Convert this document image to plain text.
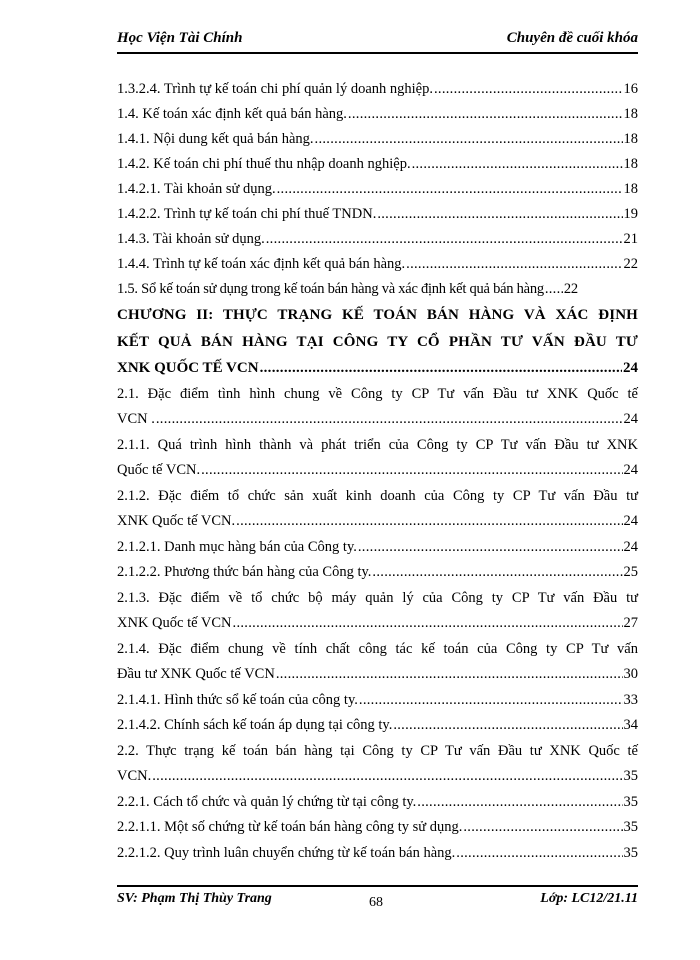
Học Viện Tài Chính	Chuyên đề cuối khóa
1.3.2.4. Trình tự kế toán chi phí quản lý doanh nghiệp. .....	16
1.4. Kế toán xác định kết quả bán hàng. .....	18
1.4.1. Nội dung kết quả bán hàng. .....	18
1.4.2. Kế toán chi phí thuế thu nhập doanh nghiệp. .....	18
1.4.2.1. Tài khoản sử dụng. .....	18
1.4.2.2. Trình tự kế toán chi phí thuế TNDN. .....	19
1.4.3. Tài khoản sử dụng. .....	21
1.4.4. Trình tự kế toán xác định kết quả bán hàng. .....	22
1.5. Sổ kế toán sử dụng trong kế toán bán hàng và xác định kết quả bán hàng ..... 22
CHƯƠNG II: THỰC TRẠNG KẾ TOÁN BÁN HÀNG VÀ XÁC ĐỊNH
KẾT QUẢ BÁN HÀNG TẠI CÔNG TY CỔ PHẦN TƯ VẤN ĐẦU TƯ
XNK QUỐC TẾ VCN .....	24
2.1. Đặc điểm tình hình chung về Công ty CP Tư vấn Đầu tư XNK Quốc tế
VCN . .....	24
2.1.1. Quá trình hình thành và phát triển của Công ty CP Tư vấn Đầu tư XNK
Quốc tế VCN. .....	24
2.1.2. Đặc điểm tổ chức sản xuất kinh doanh của Công ty CP Tư vấn Đầu tư
XNK Quốc tế VCN. .....	24
2.1.2.1. Danh mục hàng bán của Công ty. .....	24
2.1.2.2. Phương thức bán hàng của Công ty. .....	25
2.1.3. Đặc điểm về tổ chức bộ máy quản lý của Công ty CP Tư vấn Đầu tư
XNK Quốc tế VCN .....	27
2.1.4. Đặc điểm chung về tính chất công tác kế toán của Công ty CP Tư vấn
Đầu tư XNK Quốc tế VCN .....	30
2.1.4.1. Hình thức sổ kế toán của công ty. .....	33
2.1.4.2. Chính sách kế toán áp dụng tại công ty. .....	34
2.2. Thực trạng kế toán bán hàng tại Công ty CP Tư vấn Đầu tư XNK Quốc tế
VCN. .....	35
2.2.1. Cách tổ chức và quản lý chứng từ tại công ty. .....	35
2.2.1.1. Một số chứng từ kế toán bán hàng công ty sử dụng. .....	35
2.2.1.2. Quy trình luân chuyển chứng từ kế toán bán hàng. .....	35
SV: Phạm Thị Thùy Trang	68	Lớp: LC12/21.11
